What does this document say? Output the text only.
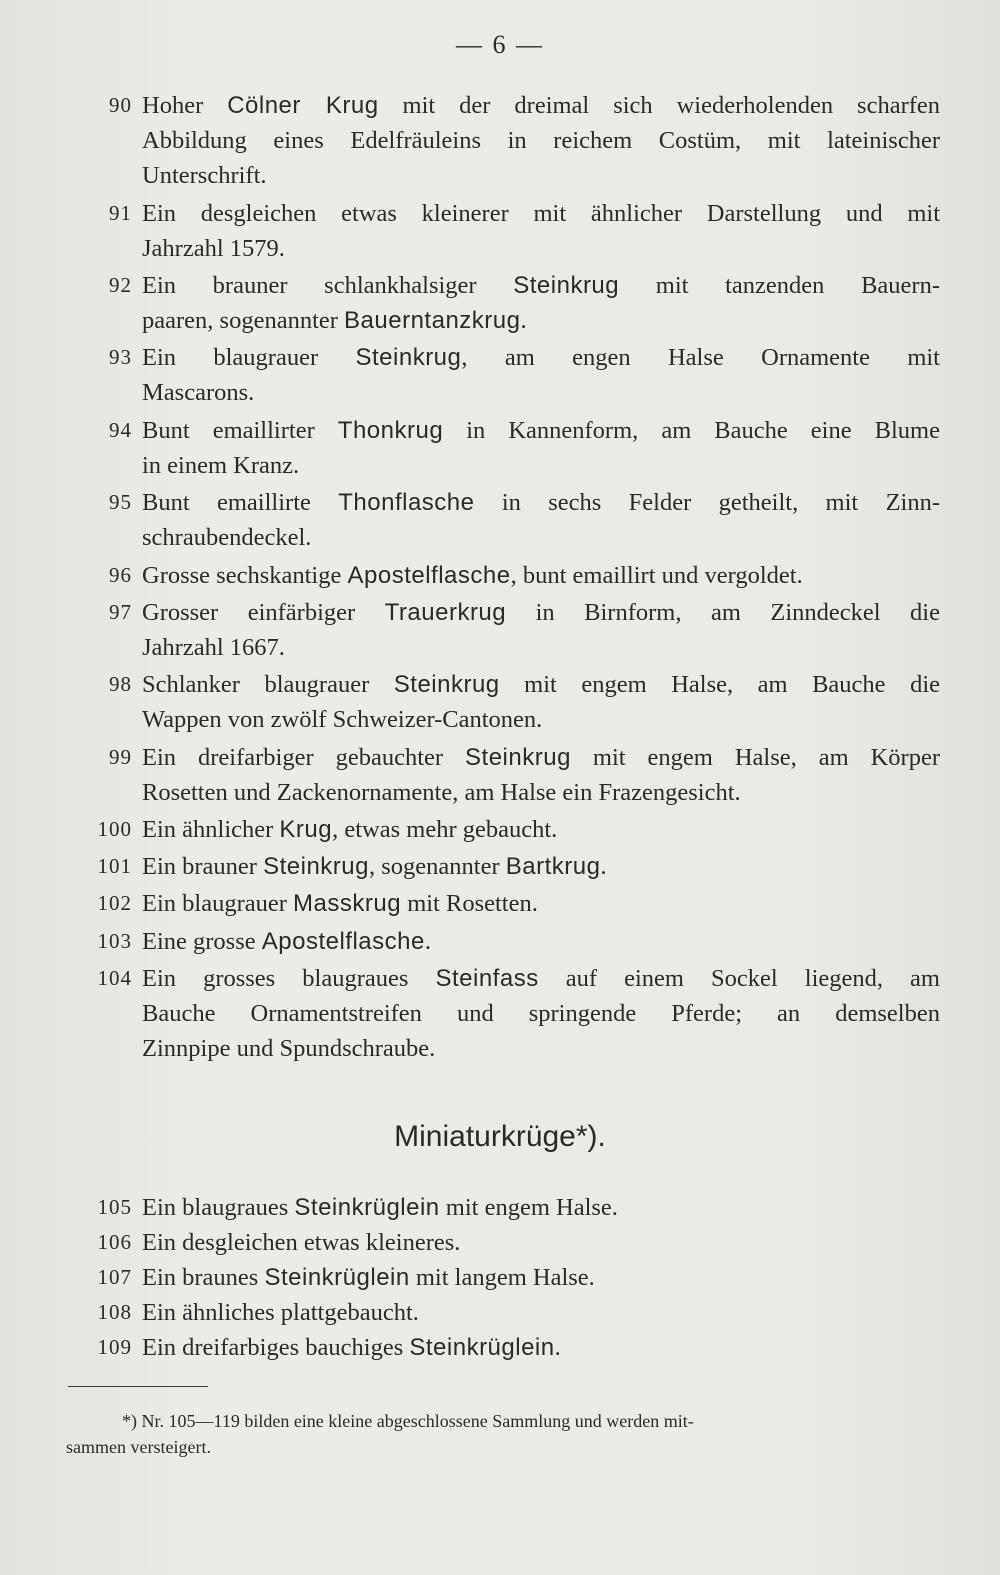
— 6 —
90 Hoher Cölner Krug mit der dreimal sich wiederholenden scharfen
Abbildung eines Edelfräuleins in reichem Costüm, mit lateinischer
Unterschrift.
91 Ein desgleichen etwas kleinerer mit ähnlicher Darstellung und mit
Jahrzahl 1579.
92 Ein brauner schlankhalsiger Steinkrug mit tanzenden Bauern-
paaren, sogenannter Bauerntanzkrug.
93 Ein blaugrauer Steinkrug, am engen Halse Ornamente mit
Mascarons.
94 Bunt emaillirter Thonkrug in Kannenform, am Bauche eine Blume
in einem Kranz.
95 Bunt emaillirte Thonflasche in sechs Felder getheilt, mit Zinn-
schraubendeckel.
96 Grosse sechskantige Apostelflasche, bunt emaillirt und vergoldet.
97 Grosser einfärbiger Trauerkrug in Birnform, am Zinndeckel die
Jahrzahl 1667.
98 Schlanker blaugrauer Steinkrug mit engem Halse, am Bauche die
Wappen von zwölf Schweizer-Cantonen.
99 Ein dreifarbiger gebauchter Steinkrug mit engem Halse, am Körper
Rosetten und Zackenornamente, am Halse ein Frazengesicht.
100 Ein ähnlicher Krug, etwas mehr gebaucht.
101 Ein brauner Steinkrug, sogenannter Bartkrug.
102 Ein blaugrauer Masskrug mit Rosetten.
103 Eine grosse Apostelflasche.
104 Ein grosses blaugraues Steinfass auf einem Sockel liegend, am
Bauche Ornamentstreifen und springende Pferde; an demselben
Zinnpipe und Spundschraube.
Miniaturkrüge*).
105 Ein blaugraues Steinkrüglein mit engem Halse.
106 Ein desgleichen etwas kleineres.
107 Ein braunes Steinkrüglein mit langem Halse.
108 Ein ähnliches plattgebaucht.
109 Ein dreifarbiges bauchiges Steinkrüglein.
*) Nr. 105—119 bilden eine kleine abgeschlossene Sammlung und werden mit-
sammen versteigert.
